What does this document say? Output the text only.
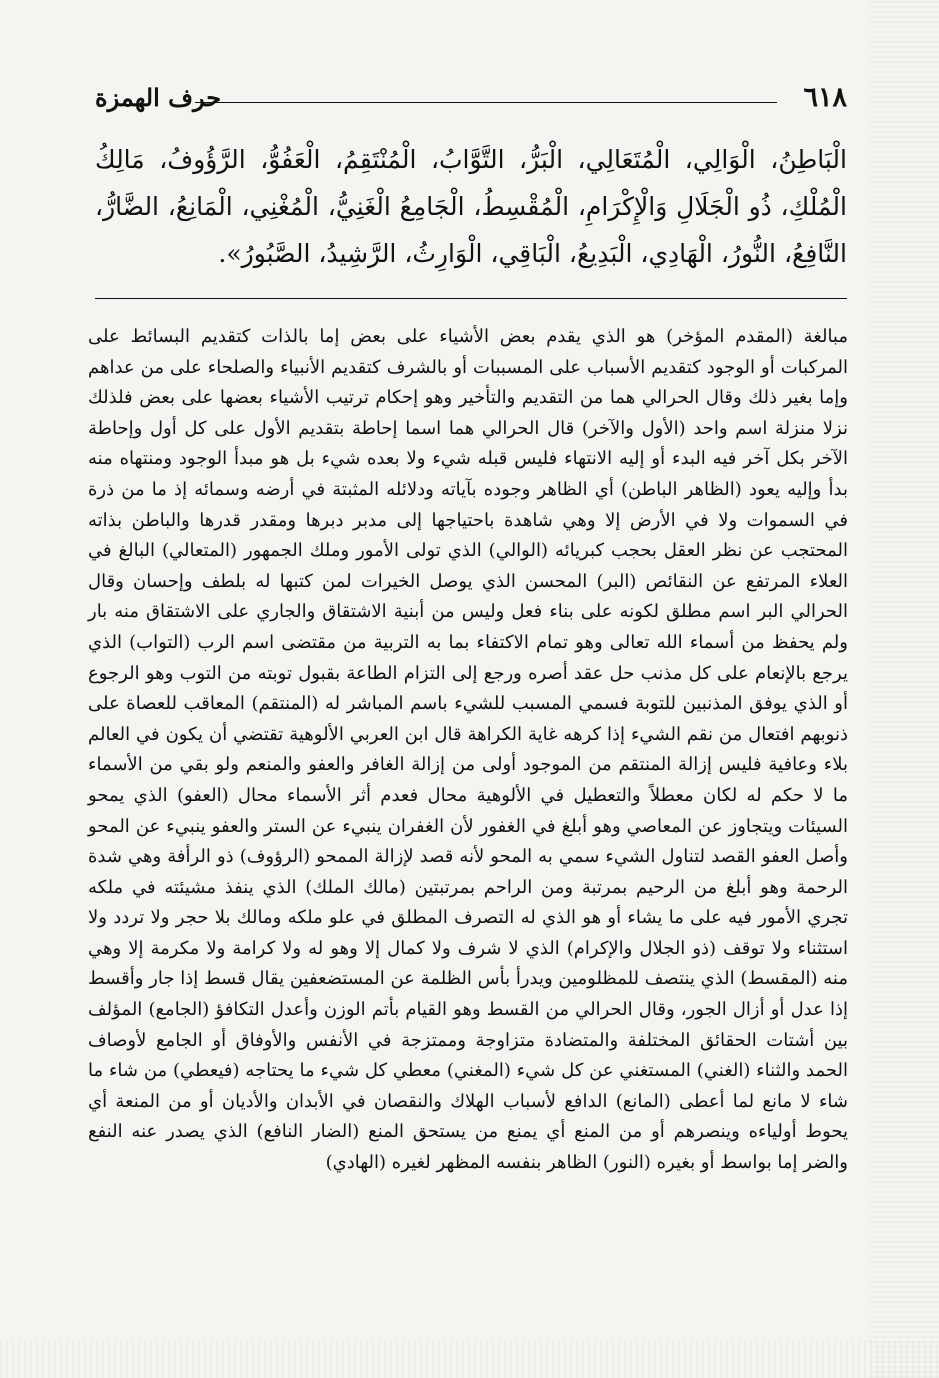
٦١٨
حرف الهمزة

الْبَاطِنُ، الْوَالِي، الْمُتَعَالِي، الْبَرُّ، التَّوَّابُ، الْمُنْتَقِمُ، الْعَفُوُّ، الرَّؤُوفُ، مَالِكُ الْمُلْكِ، ذُو الْجَلَالِ وَالْإِكْرَامِ، الْمُقْسِطُ، الْجَامِعُ الْغَنِيُّ، الْمُغْنِي، الْمَانِعُ، الضَّارُّ، النَّافِعُ، النُّورُ، الْهَادِي، الْبَدِيعُ، الْبَاقِي، الْوَارِثُ، الرَّشِيدُ، الصَّبُورُ».

مبالغة (المقدم المؤخر) هو الذي يقدم بعض الأشياء على بعض إما بالذات كتقديم البسائط على المركبات أو الوجود كتقديم الأسباب على المسببات أو بالشرف كتقديم الأنبياء والصلحاء على من عداهم وإما بغير ذلك وقال الحرالي هما من التقديم والتأخير وهو إحكام ترتيب الأشياء بعضها على بعض فلذلك نزلا منزلة اسم واحد (الأول والآخر) قال الحرالي هما اسما إحاطة بتقديم الأول على كل أول وإحاطة الآخر بكل آخر فيه البدء أو إليه الانتهاء فليس قبله شيء ولا بعده شيء بل هو مبدأ الوجود ومنتهاه منه بدأ وإليه يعود (الظاهر الباطن) أي الظاهر وجوده بآياته ودلائله المثبتة في أرضه وسمائه إذ ما من ذرة في السموات ولا في الأرض إلا وهي شاهدة باحتياجها إلى مدبر دبرها ومقدر قدرها والباطن بذاته المحتجب عن نظر العقل بحجب كبريائه (الوالي) الذي تولى الأمور وملك الجمهور (المتعالي) البالغ في العلاء المرتفع عن النقائص (البر) المحسن الذي يوصل الخيرات لمن كتبها له بلطف وإحسان وقال الحرالي البر اسم مطلق لكونه على بناء فعل وليس من أبنية الاشتقاق والجاري على الاشتقاق منه بار ولم يحفظ من أسماء الله تعالى وهو تمام الاكتفاء بما به التربية من مقتضى اسم الرب (التواب) الذي يرجع بالإنعام على كل مذنب حل عقد أصره ورجع إلى التزام الطاعة بقبول توبته من التوب وهو الرجوع أو الذي يوفق المذنبين للتوبة فسمي المسبب للشيء باسم المباشر له (المنتقم) المعاقب للعصاة على ذنوبهم افتعال من نقم الشيء إذا كرهه غاية الكراهة قال ابن العربي الألوهية تقتضي أن يكون في العالم بلاء وعافية فليس إزالة المنتقم من الموجود أولى من إزالة الغافر والعفو والمنعم ولو بقي من الأسماء ما لا حكم له لكان معطلاً والتعطيل في الألوهية محال فعدم أثر الأسماء محال (العفو) الذي يمحو السيئات ويتجاوز عن المعاصي وهو أبلغ في الغفور لأن الغفران ينبيء عن الستر والعفو ينبيء عن المحو وأصل العفو القصد لتناول الشيء سمي به المحو لأنه قصد لإزالة الممحو (الرؤوف) ذو الرأفة وهي شدة الرحمة وهو أبلغ من الرحيم بمرتبة ومن الراحم بمرتبتين (مالك الملك) الذي ينفذ مشيئته في ملكه تجري الأمور فيه على ما يشاء أو هو الذي له التصرف المطلق في علو ملكه ومالك بلا حجر ولا تردد ولا استثناء ولا توقف (ذو الجلال والإكرام) الذي لا شرف ولا كمال إلا وهو له ولا كرامة ولا مكرمة إلا وهي منه (المقسط) الذي ينتصف للمظلومين ويدرأ بأس الظلمة عن المستضعفين يقال قسط إذا جار وأقسط إذا عدل أو أزال الجور، وقال الحرالي من القسط وهو القيام بأتم الوزن وأعدل التكافؤ (الجامع) المؤلف بين أشتات الحقائق المختلفة والمتضادة متزاوجة وممتزجة في الأنفس والأوفاق أو الجامع لأوصاف الحمد والثناء (الغني) المستغني عن كل شيء (المغني) معطي كل شيء ما يحتاجه (فيعطي) من شاء ما شاء لا مانع لما أعطى (المانع) الدافع لأسباب الهلاك والنقصان في الأبدان والأديان أو من المنعة أي يحوط أولياءه وينصرهم أو من المنع أي يمنع من يستحق المنع (الضار النافع) الذي يصدر عنه النفع والضر إما بواسط أو بغيره (النور) الظاهر بنفسه المظهر لغيره (الهادي)
